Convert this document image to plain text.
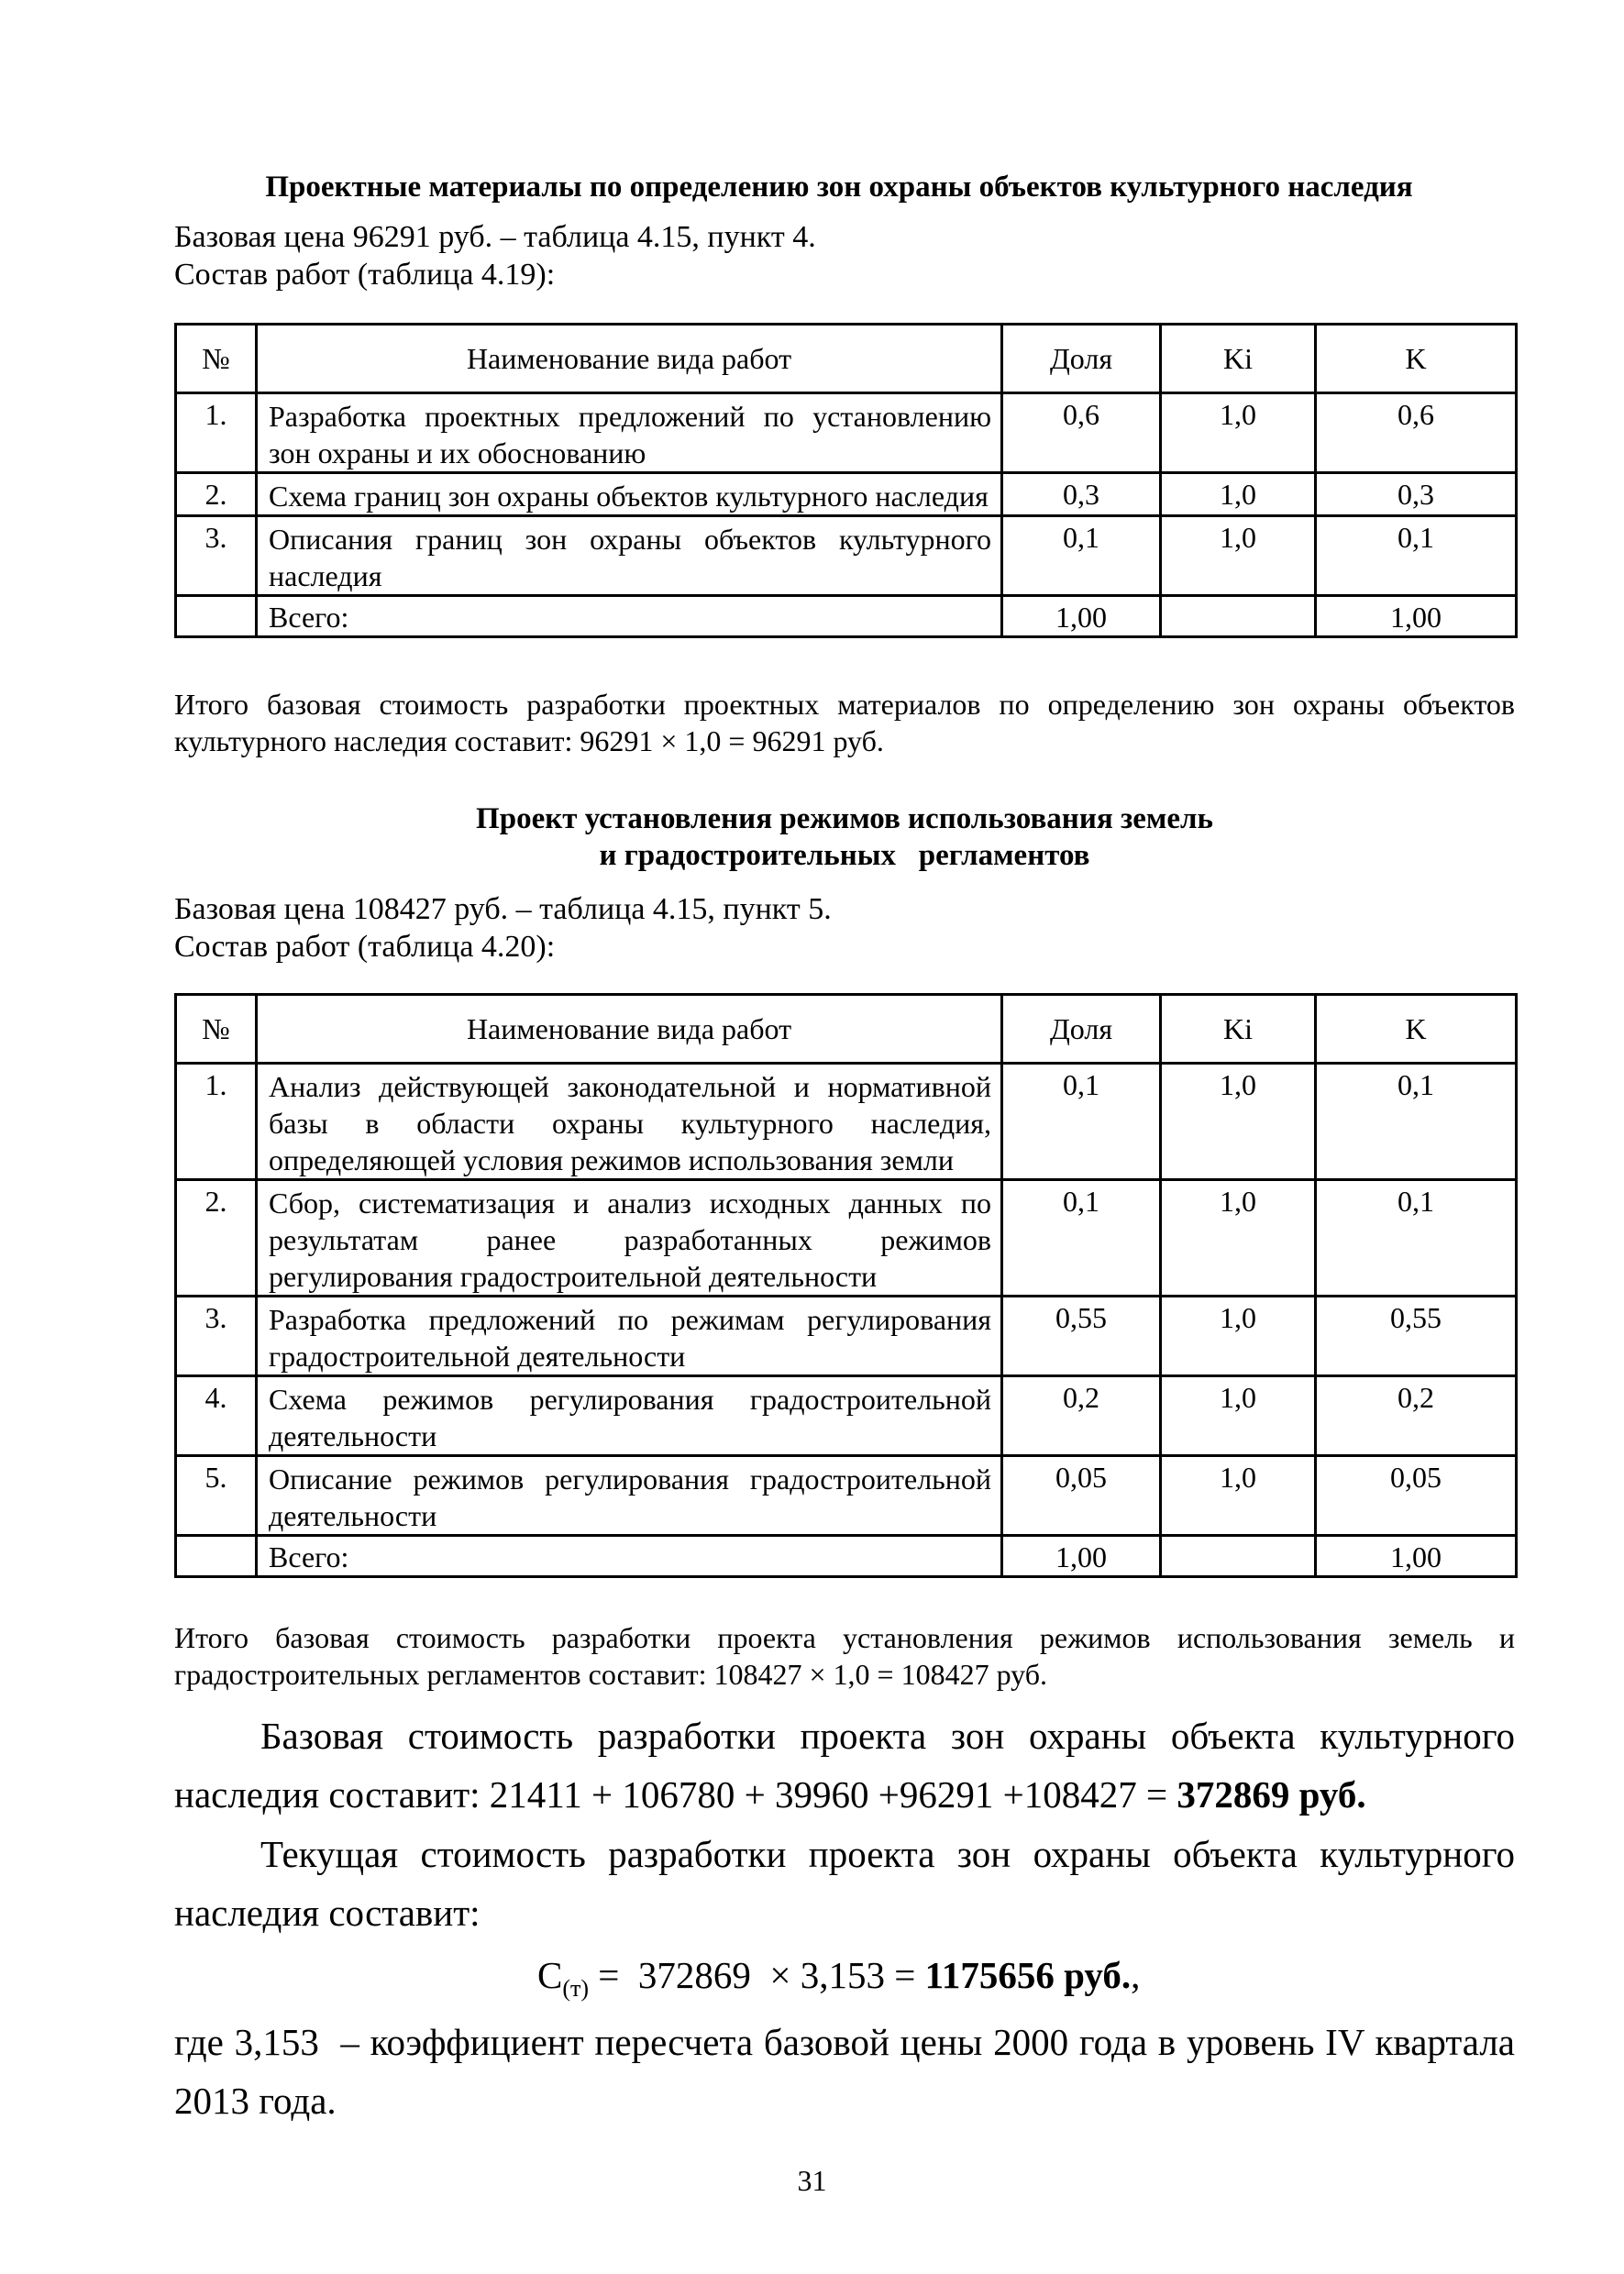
Проектные материалы по определению зон охраны объектов культурного наследия
Базовая цена 96291 руб. – таблица 4.15, пункт 4.
Состав работ (таблица 4.19):
№	Наименование вида работ	Доля	Ki	K
1.	Разработка проектных предложений по установлению зон охраны и их обоснованию	0,6	1,0	0,6
2.	Схема границ зон охраны объектов культурного наследия	0,3	1,0	0,3
3.	Описания границ зон охраны объектов культурного наследия	0,1	1,0	0,1
	Всего:	1,00		1,00
Итого базовая стоимость разработки проектных материалов по определению зон охраны объектов культурного наследия составит: 96291 × 1,0 = 96291 руб.
Проект установления режимов использования земель
и градостроительных   регламентов
Базовая цена 108427 руб. – таблица 4.15, пункт 5.
Состав работ (таблица 4.20):
№	Наименование вида работ	Доля	Ki	K
1.	Анализ действующей законодательной и нормативной базы в области охраны культурного наследия, определяющей условия режимов использования земли	0,1	1,0	0,1
2.	Сбор, систематизация и анализ исходных данных по результатам ранее разработанных режимов регулирования градостроительной деятельности	0,1	1,0	0,1
3.	Разработка предложений по режимам регулирования градостроительной деятельности	0,55	1,0	0,55
4.	Схема режимов регулирования градостроительной деятельности	0,2	1,0	0,2
5.	Описание режимов регулирования градостроительной деятельности	0,05	1,0	0,05
	Всего:	1,00		1,00
Итого базовая стоимость разработки проекта установления режимов использования земель и градостроительных регламентов составит: 108427 × 1,0 = 108427 руб.
Базовая стоимость разработки проекта зон охраны объекта культурного наследия составит: 21411 + 106780 + 39960 +96291 +108427 = 372869 руб.
Текущая стоимость разработки проекта зон охраны объекта культурного наследия составит:
$C_{(т)} = 372869 \times 3,153 = 1175656$ руб.,
где 3,153  – коэффициент пересчета базовой цены 2000 года в уровень IV квартала 2013 года.
31
